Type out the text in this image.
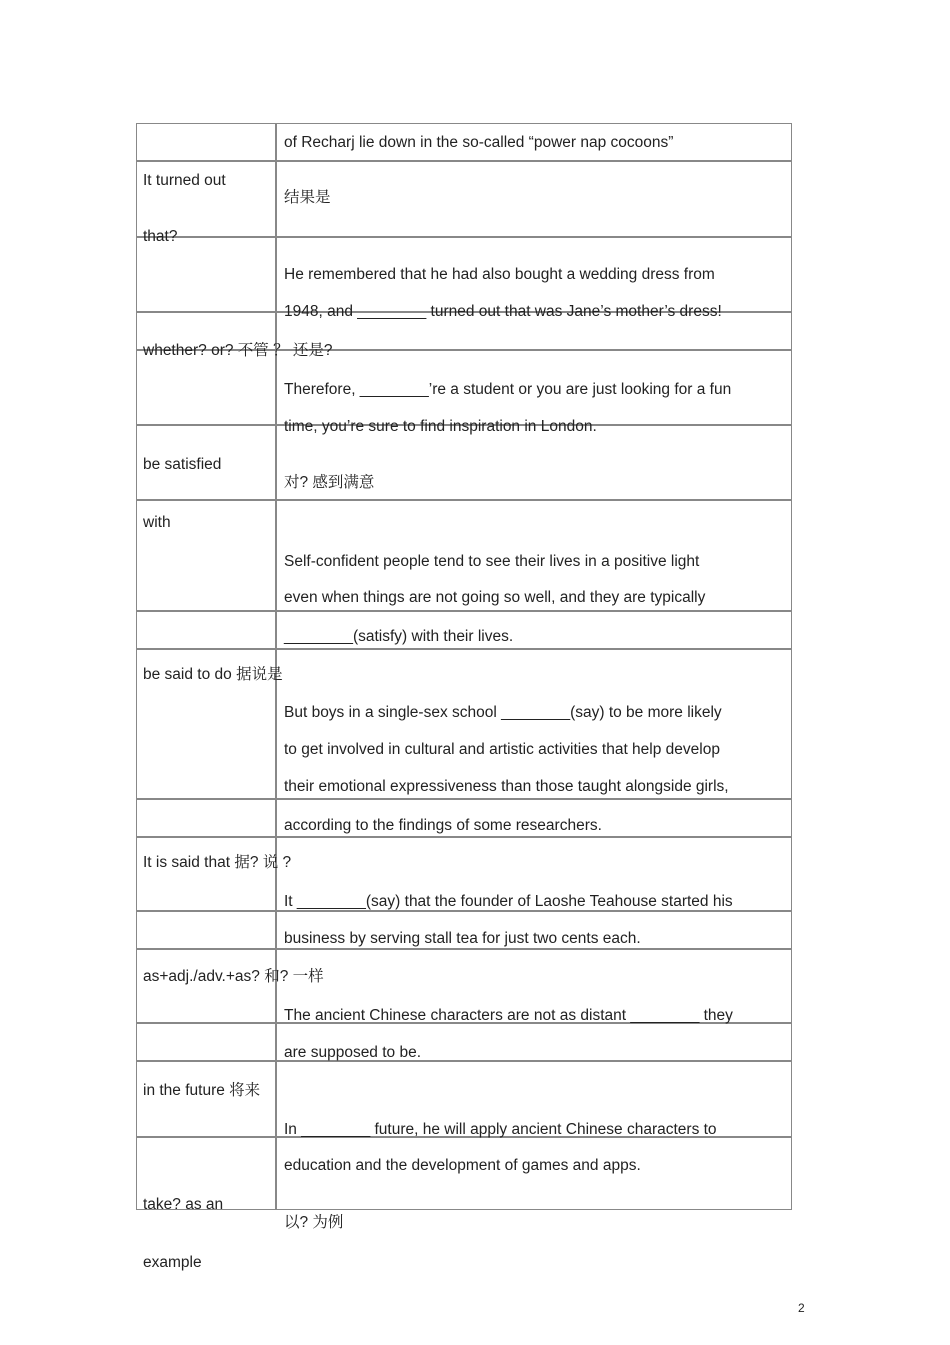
It turned out
that?
whether? or? 不管 ？ 还是?
be satisfied
with
be said to do 据说是
It is said that 据? 说 ?
as+adj./adv.+as? 和? 一样
in the future 将来
take? as an
example
of Recharj lie down in the so-called “power nap cocoons”
结果是
He remembered that he had also bought a wedding dress from
1948, and ________ turned out that was Jane’s mother’s dress!
Therefore, ________’re a student or you are just looking for a fun
time, you’re sure to find inspiration in London.
对? 感到满意
Self-confident people tend to see their lives in a positive light
even when things are not going so well, and they are typically
________(satisfy) with their lives.
But boys in a single-sex school ________(say) to be more likely
to get involved in cultural and artistic activities that help develop
their emotional expressiveness than those taught alongside girls,
according to the findings of some researchers.
It ________(say) that the founder of Laoshe Teahouse started his
business by serving stall tea for just two cents each.
The ancient Chinese characters are not as distant ________ they
are supposed to be.
In ________ future, he will apply ancient Chinese characters to
education and the development of games and apps.
以? 为例
2
